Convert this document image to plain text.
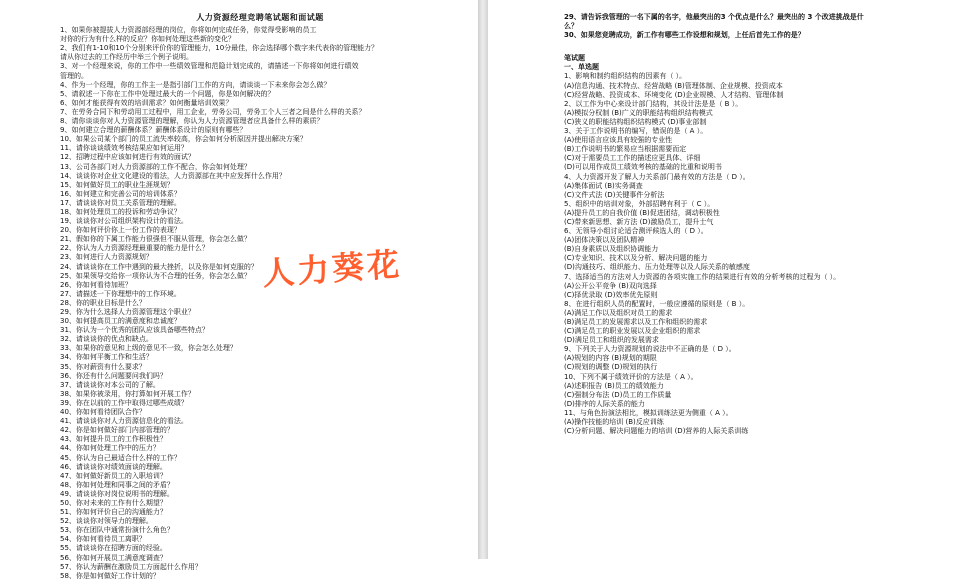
人力资源经理竞聘笔试题和面试题
1、如果你被提拔人力资源部经理的岗位，你将如何完成任务，你觉得受影响的员工
对你的行为有什么样的反应？你如何处理这些新的变化？
2、我们有1-10和10个分别来评价你的管理能力，10分最佳，你会选择哪个数字来代表你的管理能力？
请从你过去的工作经历中举三个例子说明。
3、对一个经理来说，你的工作中一些绩效管理和范隐计划完成的，请描述一下你将如何进行绩效
管理的。
4、作为一个经理，你的工作主一是指引部门工作的方向，请谈谈一下未来你会怎么做？
5、请叙述一下你在工作中处理过最大的一个问题，你是如何解决的？
6、如何才能获得有效的培训需求？如何衡量培训效果？
7、在劳务合同下和劳动用工过程中，用工企业，劳务公司，劳务工个人三者之间是什么样的关系？
8、请你谈谈你对人力资源管理的理解，你认为人力资源管理者应具备什么样的素质？
9、如何建立合理的薪酬体系？薪酬体系设计的原则有哪些？
10、如果公司某个部门的员工流失率较高，你会如何分析原因并提出解决方案？
11、请你谈谈绩效考核结果应如何运用？
12、招聘过程中应该如何进行有效的面试？
13、公司各部门对人力资源部的工作不配合，你会如何处理？
14、谈谈你对企业文化建设的看法，人力资源部在其中应发挥什么作用？
15、如何做好员工的职业生涯规划？
16、如何建立和完善公司的培训体系？
17、请谈谈你对员工关系管理的理解。
18、如何处理员工的投诉和劳动争议？
19、谈谈你对公司组织架构设计的看法。
20、你如何评价你上一份工作的表现？
21、假如你的下属工作能力很强但不服从管理，你会怎么做？
22、你认为人力资源经理最重要的能力是什么？
23、如何进行人力资源规划？
24、请谈谈你在工作中遇到的最大挫折，以及你是如何克服的？
25、如果领导交给你一项你认为不合理的任务，你会怎么做？
26、你如何看待加班？
27、请描述一下你理想中的工作环境。
28、你的职业目标是什么？
29、你为什么选择人力资源管理这个职业？
30、如何提高员工的满意度和忠诚度？
31、你认为一个优秀的团队应该具备哪些特点？
32、请谈谈你的优点和缺点。
33、如果你的意见和上级的意见不一致，你会怎么处理？
34、你如何平衡工作和生活？
35、你对薪资有什么要求？
36、你还有什么问题要问我们吗？
37、请谈谈你对本公司的了解。
38、如果你被录用，你打算如何开展工作？
39、你在以前的工作中取得过哪些成绩？
40、你如何看待团队合作？
41、请谈谈你对人力资源信息化的看法。
42、你是如何做好部门内部管理的？
43、如何提升员工的工作积极性？
44、你如何处理工作中的压力？
45、你认为自己最适合什么样的工作？
46、请谈谈你对绩效面谈的理解。
47、如何做好新员工的入职培训？
48、你如何处理和同事之间的矛盾？
49、请谈谈你对岗位说明书的理解。
50、你对未来的工作有什么期望？
51、你如何评价自己的沟通能力？
52、谈谈你对领导力的理解。
53、你在团队中通常扮演什么角色？
54、你如何看待员工离职？
55、请谈谈你在招聘方面的经验。
56、你如何开展员工满意度调查？
57、你认为薪酬在激励员工方面起什么作用？
58、你是如何做好工作计划的？
29、请告诉我管理的一名下属的名字，他最突出的3 个优点是什么？最突出的 3 个改进挑战是什
么？
30、如果您竞聘成功，新工作有哪些工作设想和规划，上任后首先工作的是？
笔试题
一、单选题
1、影响和制约组织结构的因素有（ ）。
(A)信息沟通、技术特点、经营战略 (B)管理体制、企业规模、投资成本
(C)经营战略、投资成本、环境变化 (D)企业规模、人才结构、管理体制
2、以工作为中心来设计部门结构，其设计法是是（ B ）。
(A)模拟分权制 (B)广义的职能结构组织结构模式
(C)狭义的职能结构组织结构模式 (D)事业部制
3、关于工作说明书的编写，错误的是（ A ）。
(A)使用语言应该具有较强的专业性
(B)工作说明书的繁易应当根据需要而定
(C)对于需要员工工作的描述应更具体、详细
(D)可以用作成员工绩效考核的基础的比重和说明书
4、人力资源开发了解人力关系部门最有效的方法是（ D ）。
(A)集体面试 (B)实务调查
(C)文件式法 (D)关键事件分析法
5、组织中的培训对象，外部招聘有利于（ C ）。
(A)提升员工的自我价值 (B)促进团结，调动积极性
(C)带来新思想、新方法 (D)激励员工，提升士气
6、无领导小组讨论适合测评候选人的（ D ）。
(A)团体决策以及团队精神
(B)自身素质以及组织协调能力
(C)专业知识、技术以及分析、解决问题的能力
(D)沟通技巧、组织能力、压力处理等以及人际关系的敏感度
7、选择适当的方法对人力资源的各项实施工作的结果进行有效的分析考核的过程为（ ）。
(A)公开公平竞争 (B)双向选择
(C)择优录取 (D)效率优先原则
8、在进行组织人员的配置时，一般应遵循的原则是（ B ）。
(A)满足工作以及组织对员工的需求
(B)满足员工的发展需求以及工作和组织的需求
(C)满足员工的职业发展以及企业组织的需求
(D)满足员工和组织的发展需求
9、下列关于人力资源规划的说法中不正确的是（ D ）。
(A)规划的内容 (B)规划的期限
(C)规划的调整 (D)规划的执行
10、下列不属于绩效评价的方法是（ A ）。
(A)述职报告 (B)员工的绩效能力
(C)强制分布法 (D)员工的工作质量
(D)排序的人际关系的能力
11、与角色扮演法相比，模拟训练法更为侧重（ A ）。
(A)操作技能的培训 (B)反应训练
(C)分析问题、解决问题能力的培训 (D)营养的人际关系训练
人力葵花
